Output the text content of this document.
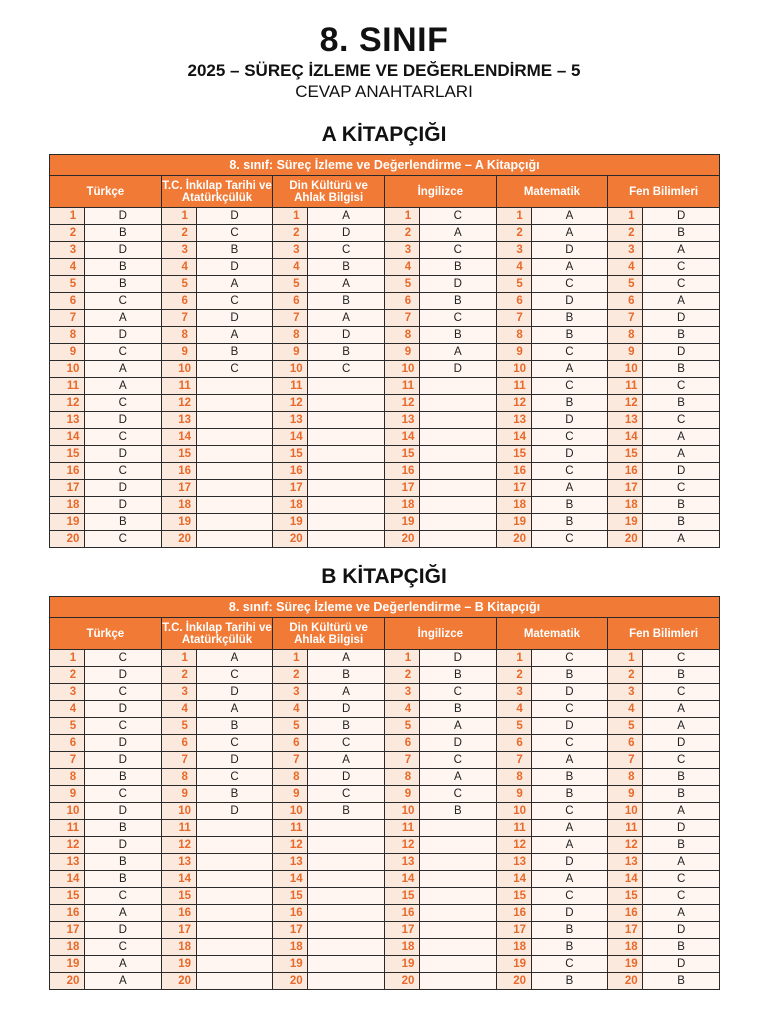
8. SINIF
2025 – SÜREÇ İZLEME VE DEĞERLENDİRME – 5
CEVAP ANAHTARLARI
A KİTAPÇIĞI
8. sınıf: Süreç İzleme ve Değerlendirme – A Kitapçığı											
Türkçe		T.C. İnkılap Tarihi ve Atatürkçülük		Din Kültürü ve Ahlak Bilgisi		İngilizce		Matematik		Fen Bilimleri	
1	D	1	D	1	A	1	C	1	A	1	D
2	B	2	C	2	D	2	A	2	A	2	B
3	D	3	B	3	C	3	C	3	D	3	A
4	B	4	D	4	B	4	B	4	A	4	C
5	B	5	A	5	A	5	D	5	C	5	C
6	C	6	C	6	B	6	B	6	D	6	A
7	A	7	D	7	A	7	C	7	B	7	D
8	D	8	A	8	D	8	B	8	B	8	B
9	C	9	B	9	B	9	A	9	C	9	D
10	A	10	C	10	C	10	D	10	A	10	B
11	A	11		11		11		11	C	11	C
12	C	12		12		12		12	B	12	B
13	D	13		13		13		13	D	13	C
14	C	14		14		14		14	C	14	A
15	D	15		15		15		15	D	15	A
16	C	16		16		16		16	C	16	D
17	D	17		17		17		17	A	17	C
18	D	18		18		18		18	B	18	B
19	B	19		19		19		19	B	19	B
20	C	20		20		20		20	C	20	A
B KİTAPÇIĞI
8. sınıf: Süreç İzleme ve Değerlendirme – B Kitapçığı											
Türkçe		T.C. İnkılap Tarihi ve Atatürkçülük		Din Kültürü ve Ahlak Bilgisi		İngilizce		Matematik		Fen Bilimleri	
1	C	1	A	1	A	1	D	1	C	1	C
2	D	2	C	2	B	2	B	2	B	2	B
3	C	3	D	3	A	3	C	3	D	3	C
4	D	4	A	4	D	4	B	4	C	4	A
5	C	5	B	5	B	5	A	5	D	5	A
6	D	6	C	6	C	6	D	6	C	6	D
7	D	7	D	7	A	7	C	7	A	7	C
8	B	8	C	8	D	8	A	8	B	8	B
9	C	9	B	9	C	9	C	9	B	9	B
10	D	10	D	10	B	10	B	10	C	10	A
11	B	11		11		11		11	A	11	D
12	D	12		12		12		12	A	12	B
13	B	13		13		13		13	D	13	A
14	B	14		14		14		14	A	14	C
15	C	15		15		15		15	C	15	C
16	A	16		16		16		16	D	16	A
17	D	17		17		17		17	B	17	D
18	C	18		18		18		18	B	18	B
19	A	19		19		19		19	C	19	D
20	A	20		20		20		20	B	20	B
